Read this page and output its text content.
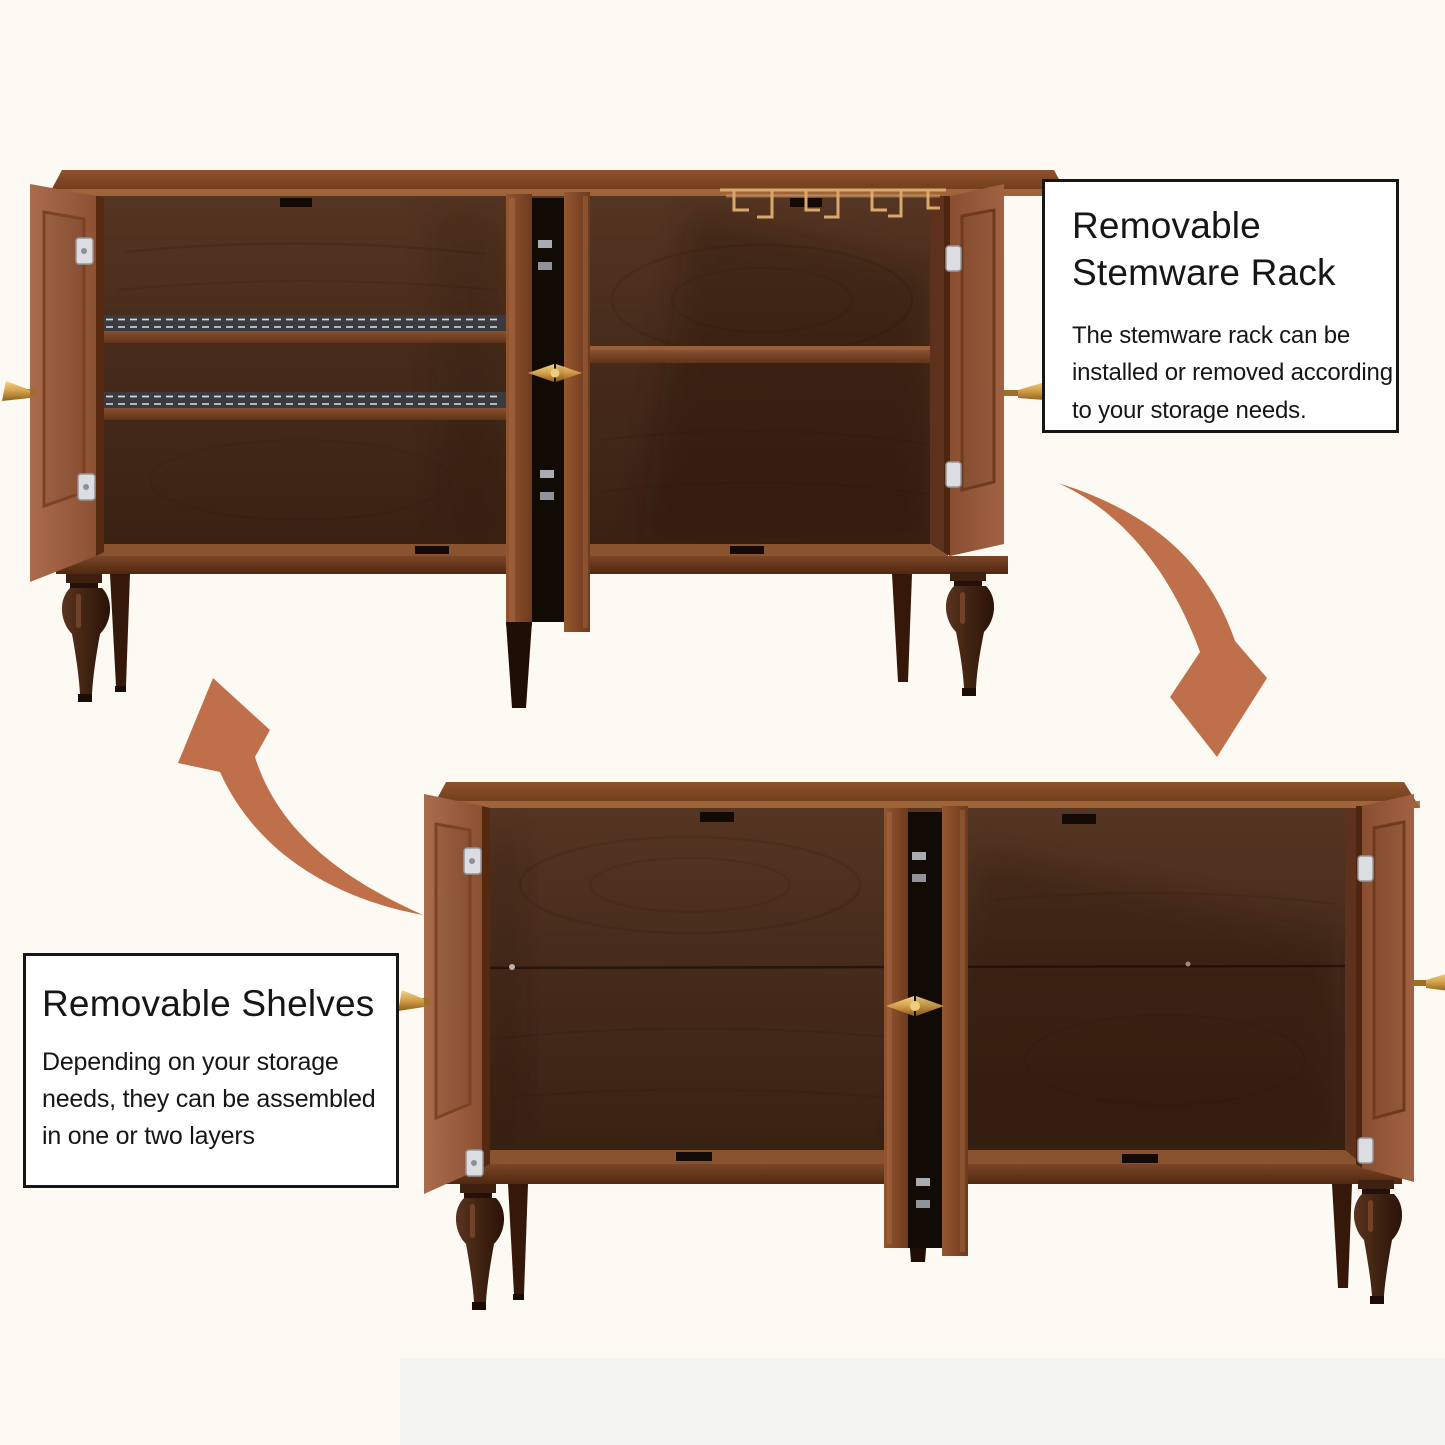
Removable
Stemware Rack
The stemware rack can be
installed or removed according
to your storage needs.
Removable Shelves
Depending on your storage
needs, they can be assembled
in one or two layers
